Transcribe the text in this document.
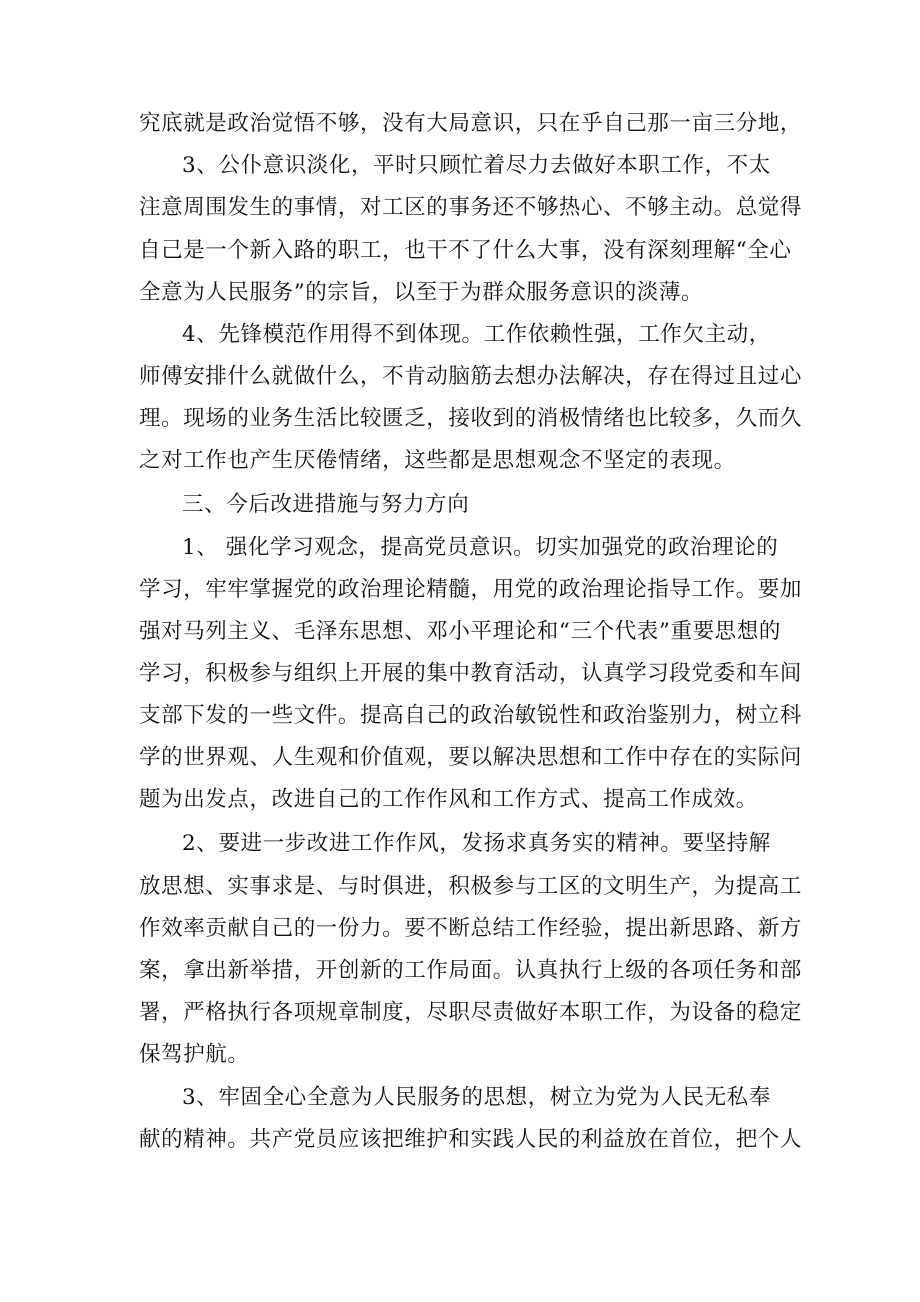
究底就是政治觉悟不够，没有大局意识，只在乎自己那一亩三分地，
3、公仆意识淡化，平时只顾忙着尽力去做好本职工作，不太
注意周围发生的事情，对工区的事务还不够热心、不够主动。总觉得
自己是一个新入路的职工，也干不了什么大事，没有深刻理解“全心
全意为人民服务”的宗旨，以至于为群众服务意识的淡薄。
4、先锋模范作用得不到体现。工作依赖性强，工作欠主动，
师傅安排什么就做什么，不肯动脑筋去想办法解决，存在得过且过心
理。现场的业务生活比较匮乏，接收到的消极情绪也比较多，久而久
之对工作也产生厌倦情绪，这些都是思想观念不坚定的表现。
三、今后改进措施与努力方向
1、 强化学习观念，提高党员意识。切实加强党的政治理论的
学习，牢牢掌握党的政治理论精髓，用党的政治理论指导工作。要加
强对马列主义、毛泽东思想、邓小平理论和“三个代表”重要思想的
学习，积极参与组织上开展的集中教育活动，认真学习段党委和车间
支部下发的一些文件。提高自己的政治敏锐性和政治鉴别力，树立科
学的世界观、人生观和价值观，要以解决思想和工作中存在的实际问
题为出发点，改进自己的工作作风和工作方式、提高工作成效。
2、要进一步改进工作作风，发扬求真务实的精神。要坚持解
放思想、实事求是、与时俱进，积极参与工区的文明生产，为提高工
作效率贡献自己的一份力。要不断总结工作经验，提出新思路、新方
案，拿出新举措，开创新的工作局面。认真执行上级的各项任务和部
署，严格执行各项规章制度，尽职尽责做好本职工作，为设备的稳定
保驾护航。
3、牢固全心全意为人民服务的思想，树立为党为人民无私奉
献的精神。共产党员应该把维护和实践人民的利益放在首位，把个人
